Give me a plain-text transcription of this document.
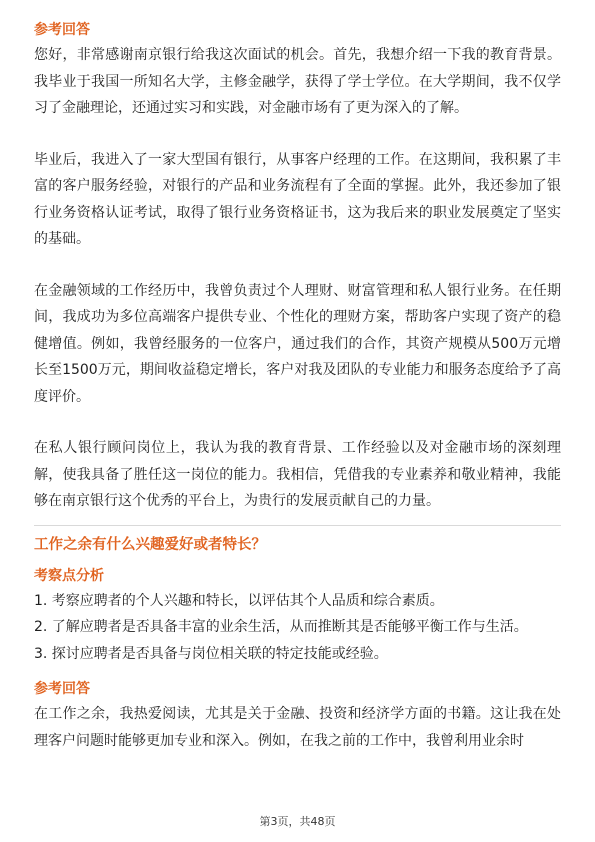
参考回答

您好，非常感谢南京银行给我这次面试的机会。首先，我想介绍一下我的教育背景。我毕业于我国一所知名大学，主修金融学，获得了学士学位。在大学期间，我不仅学习了金融理论，还通过实习和实践，对金融市场有了更为深入的了解。

毕业后，我进入了一家大型国有银行，从事客户经理的工作。在这期间，我积累了丰富的客户服务经验，对银行的产品和业务流程有了全面的掌握。此外，我还参加了银行业务资格认证考试，取得了银行业务资格证书，这为我后来的职业发展奠定了坚实的基础。

在金融领域的工作经历中，我曾负责过个人理财、财富管理和私人银行业务。在任期间，我成功为多位高端客户提供专业、个性化的理财方案，帮助客户实现了资产的稳健增值。例如，我曾经服务的一位客户，通过我们的合作，其资产规模从500万元增长至1500万元，期间收益稳定增长，客户对我及团队的专业能力和服务态度给予了高度评价。

在私人银行顾问岗位上，我认为我的教育背景、工作经验以及对金融市场的深刻理解，使我具备了胜任这一岗位的能力。我相信，凭借我的专业素养和敬业精神，我能够在南京银行这个优秀的平台上，为贵行的发展贡献自己的力量。

工作之余有什么兴趣爱好或者特长？
考察点分析
1. 考察应聘者的个人兴趣和特长，以评估其个人品质和综合素质。
2. 了解应聘者是否具备丰富的业余生活，从而推断其是否能够平衡工作与生活。
3. 探讨应聘者是否具备与岗位相关联的特定技能或经验。
参考回答

在工作之余，我热爱阅读，尤其是关于金融、投资和经济学方面的书籍。这让我在处理客户问题时能够更加专业和深入。例如，在我之前的工作中，我曾利用业余时

第3页，共48页
